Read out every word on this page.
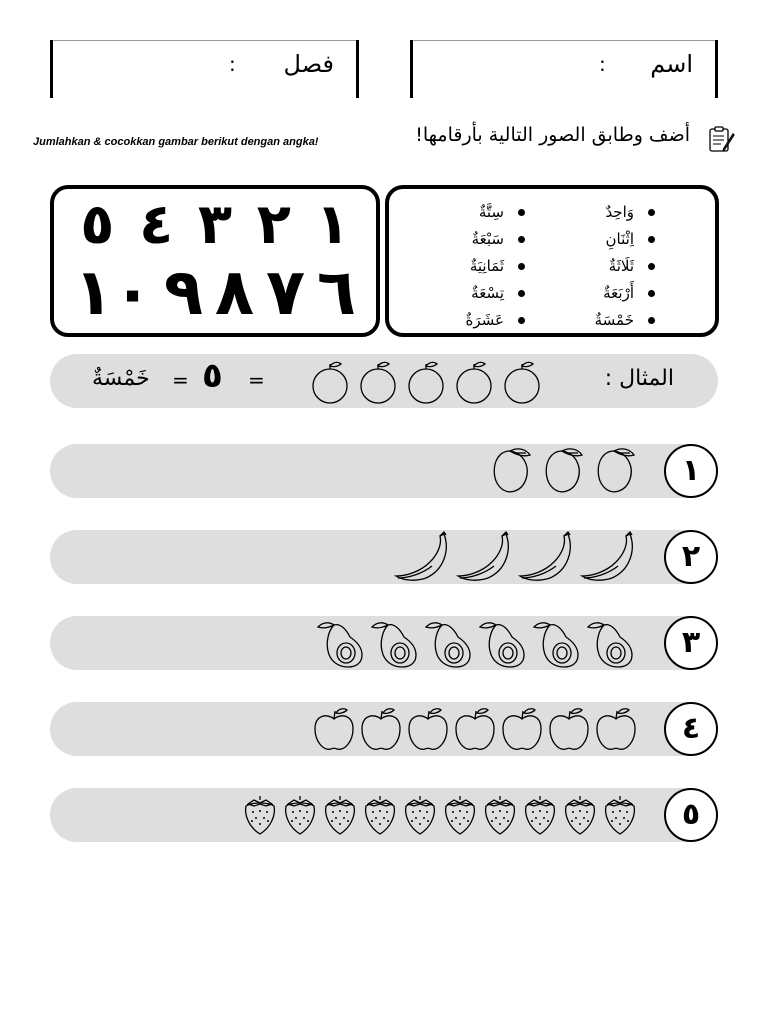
فصل
:	اسم
:
Jumlahkan & cocokkan gambar berikut dengan angka!	أضف وطابق الصور التالية بأرقامها!
١
٢
٣
٤
٥
٦
٧
٨
٩
١٠
وَاحِدٌ
اِثْنَانِ
ثَلَاثَةٌ
أَرْبَعَةٌ
خَمْسَةٌ
سِتَّةٌ
سَبْعَةٌ
ثَمَانِيَةٌ
تِسْعَةٌ
عَشَرَةٌ
المثال :
=
٥
=
خَمْسَةٌ
١
٢
٣
٤
٥
